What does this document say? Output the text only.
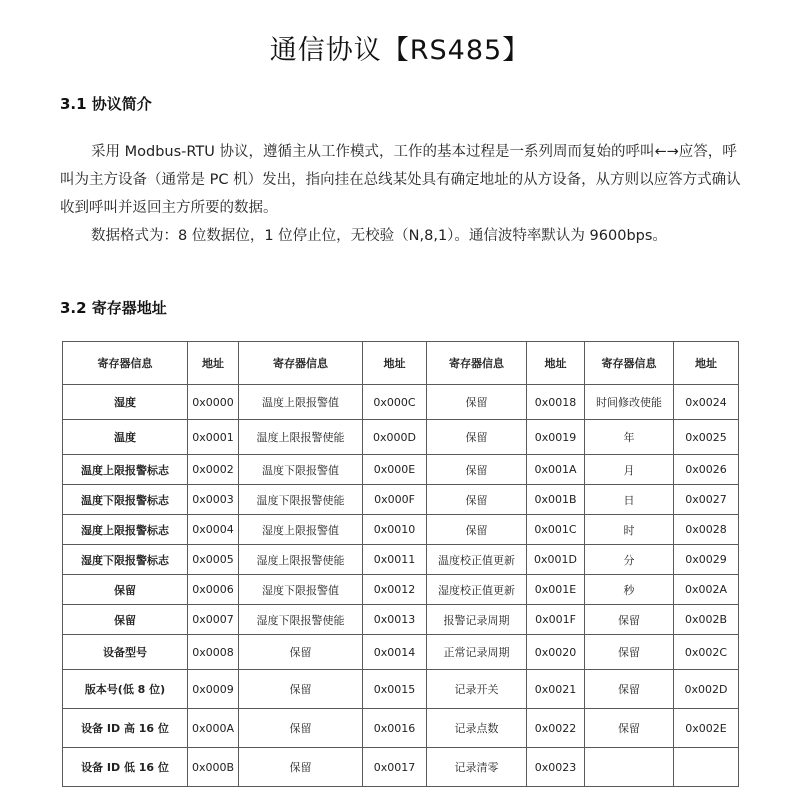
通信协议【RS485】
3.1 协议简介
采用 Modbus-RTU 协议，遵循主从工作模式，工作的基本过程是一系列周而复始的呼叫←→应答，呼叫为主方设备（通常是 PC 机）发出，指向挂在总线某处具有确定地址的从方设备，从方则以应答方式确认收到呼叫并返回主方所要的数据。
数据格式为：8 位数据位，1 位停止位，无校验（N,8,1）。通信波特率默认为 9600bps。
3.2 寄存器地址
寄存器信息	地址	寄存器信息	地址	寄存器信息	地址	寄存器信息	地址
湿度	0x0000	温度上限报警值	0x000C	保留	0x0018	时间修改使能	0x0024
温度	0x0001	温度上限报警使能	0x000D	保留	0x0019	年	0x0025
温度上限报警标志	0x0002	温度下限报警值	0x000E	保留	0x001A	月	0x0026
温度下限报警标志	0x0003	温度下限报警使能	0x000F	保留	0x001B	日	0x0027
湿度上限报警标志	0x0004	湿度上限报警值	0x0010	保留	0x001C	时	0x0028
湿度下限报警标志	0x0005	湿度上限报警使能	0x0011	温度校正值更新	0x001D	分	0x0029
保留	0x0006	湿度下限报警值	0x0012	湿度校正值更新	0x001E	秒	0x002A
保留	0x0007	湿度下限报警使能	0x0013	报警记录周期	0x001F	保留	0x002B
设备型号	0x0008	保留	0x0014	正常记录周期	0x0020	保留	0x002C
版本号(低 8 位)	0x0009	保留	0x0015	记录开关	0x0021	保留	0x002D
设备 ID 高 16 位	0x000A	保留	0x0016	记录点数	0x0022	保留	0x002E
设备 ID 低 16 位	0x000B	保留	0x0017	记录清零	0x0023		
